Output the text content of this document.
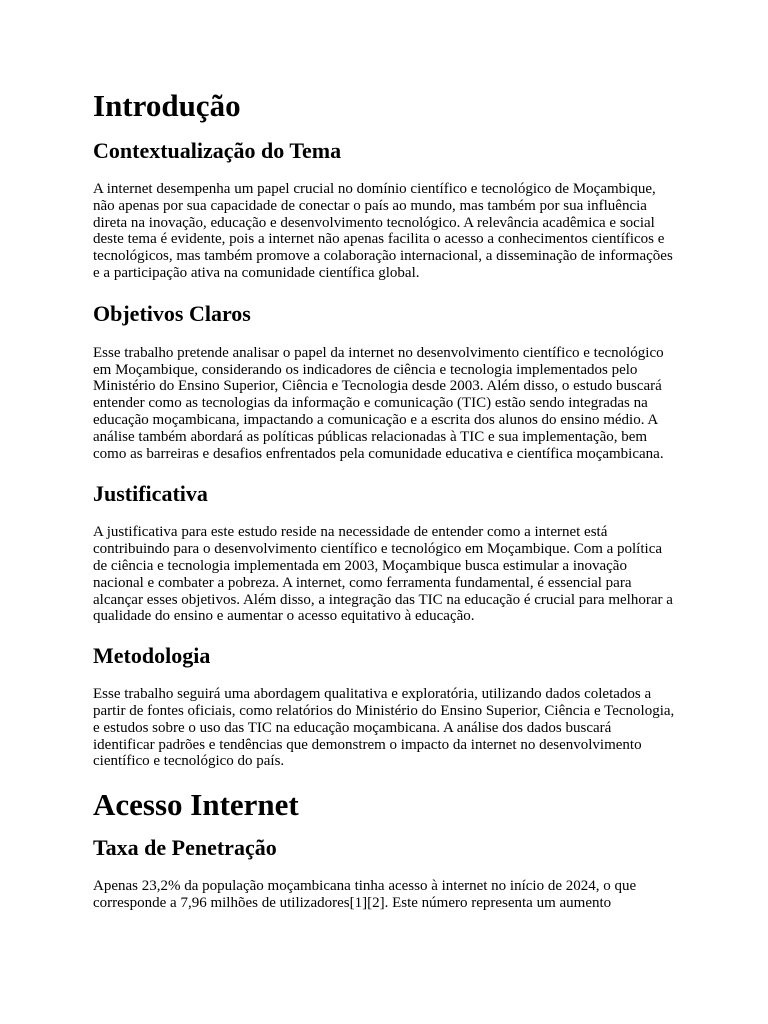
Introdução
Contextualização do Tema

A internet desempenha um papel crucial no domínio científico e tecnológico de Moçambique, não apenas por sua capacidade de conectar o país ao mundo, mas também por sua influência direta na inovação, educação e desenvolvimento tecnológico. A relevância acadêmica e social deste tema é evidente, pois a internet não apenas facilita o acesso a conhecimentos científicos e tecnológicos, mas também promove a colaboração internacional, a disseminação de informações e a participação ativa na comunidade científica global.

Objetivos Claros

Esse trabalho pretende analisar o papel da internet no desenvolvimento científico e tecnológico em Moçambique, considerando os indicadores de ciência e tecnologia implementados pelo Ministério do Ensino Superior, Ciência e Tecnologia desde 2003. Além disso, o estudo buscará entender como as tecnologias da informação e comunicação (TIC) estão sendo integradas na educação moçambicana, impactando a comunicação e a escrita dos alunos do ensino médio. A análise também abordará as políticas públicas relacionadas à TIC e sua implementação, bem como as barreiras e desafios enfrentados pela comunidade educativa e científica moçambicana.

Justificativa

A justificativa para este estudo reside na necessidade de entender como a internet está contribuindo para o desenvolvimento científico e tecnológico em Moçambique. Com a política de ciência e tecnologia implementada em 2003, Moçambique busca estimular a inovação nacional e combater a pobreza. A internet, como ferramenta fundamental, é essencial para alcançar esses objetivos. Além disso, a integração das TIC na educação é crucial para melhorar a qualidade do ensino e aumentar o acesso equitativo à educação.

Metodologia

Esse trabalho seguirá uma abordagem qualitativa e exploratória, utilizando dados coletados a partir de fontes oficiais, como relatórios do Ministério do Ensino Superior, Ciência e Tecnologia, e estudos sobre o uso das TIC na educação moçambicana. A análise dos dados buscará identificar padrões e tendências que demonstrem o impacto da internet no desenvolvimento científico e tecnológico do país.

Acesso Internet
Taxa de Penetração

Apenas 23,2% da população moçambicana tinha acesso à internet no início de 2024, o que corresponde a 7,96 milhões de utilizadores[1][2]. Este número representa um aumento
